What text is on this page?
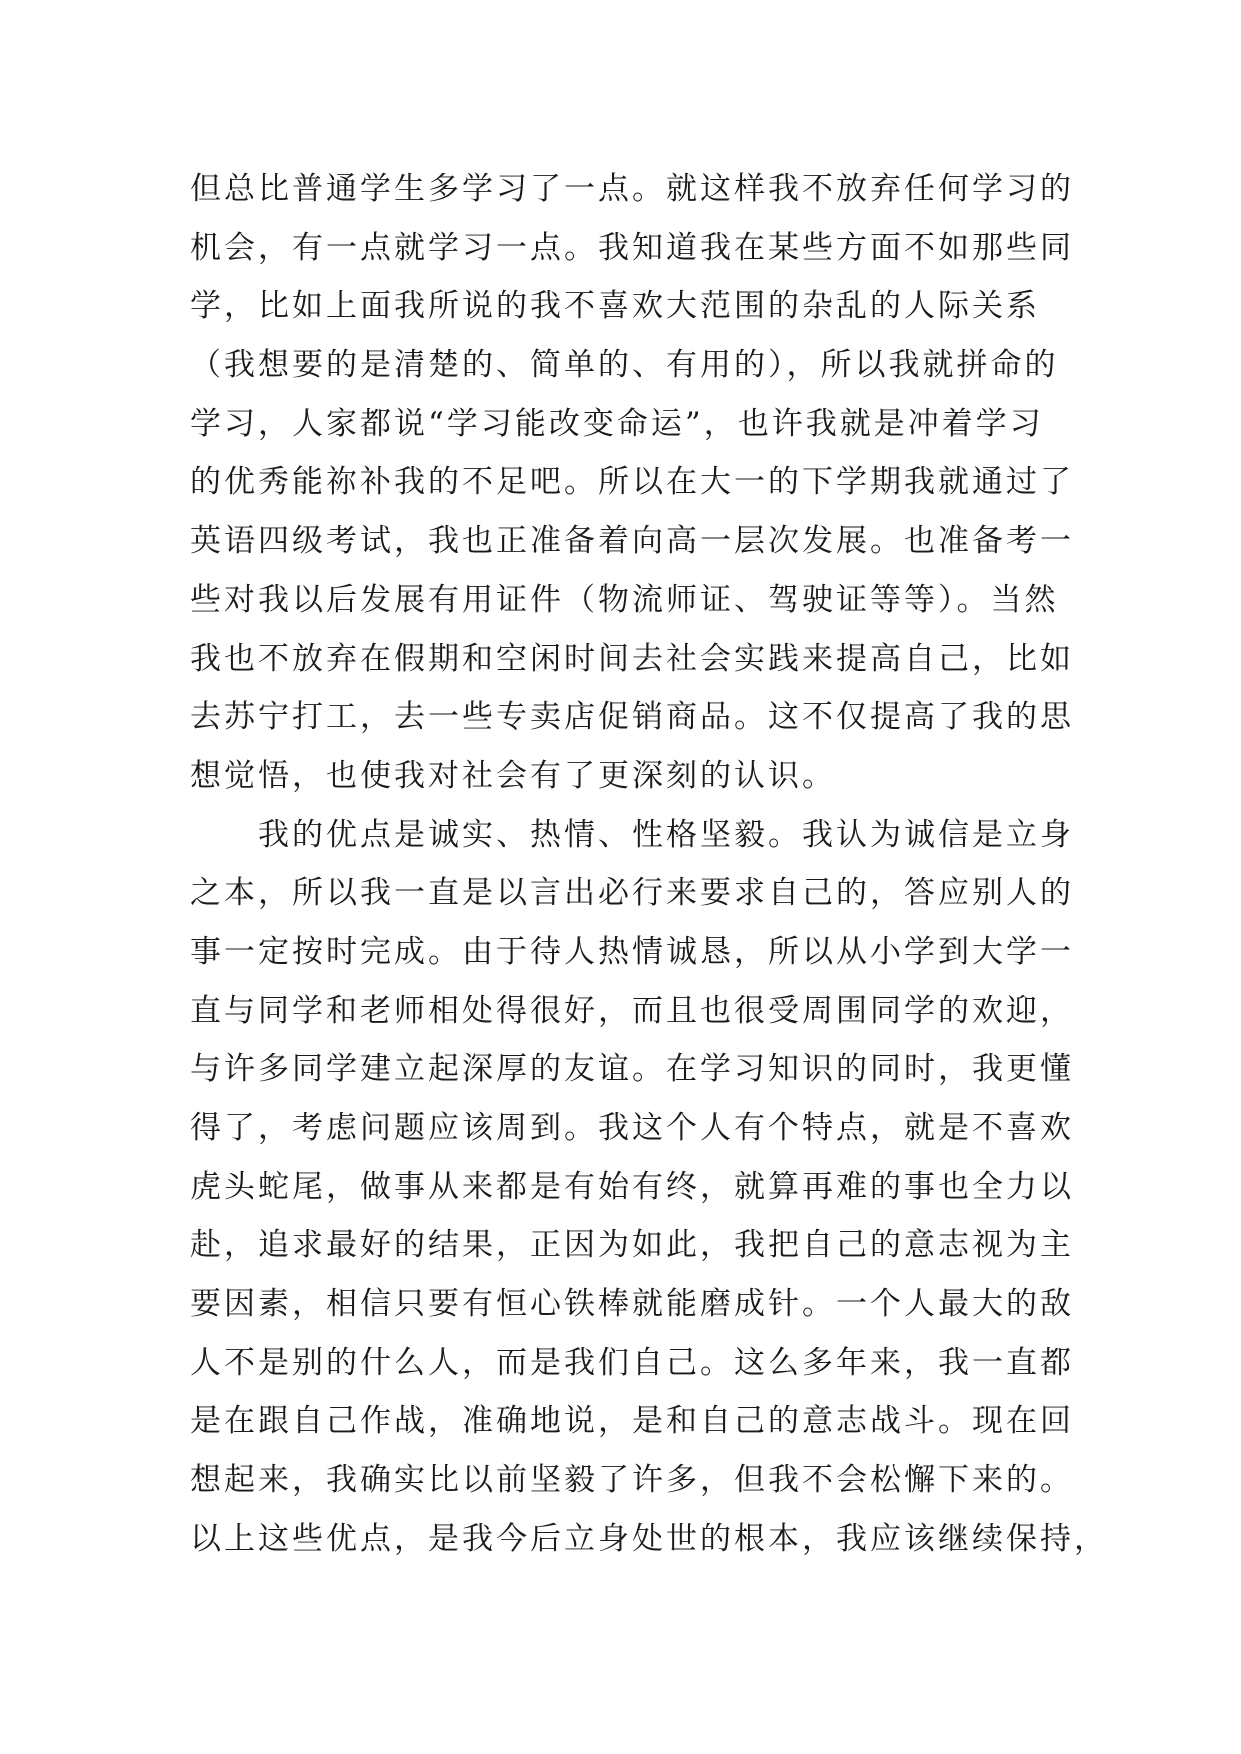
但总比普通学生多学习了一点。就这样我不放弃任何学习的

机会，有一点就学习一点。我知道我在某些方面不如那些同

学，比如上面我所说的我不喜欢大范围的杂乱的人际关系

（我想要的是清楚的、简单的、有用的），所以我就拼命的

学习，人家都说“学习能改变命运”，也许我就是冲着学习

的优秀能祢补我的不足吧。所以在大一的下学期我就通过了

英语四级考试，我也正准备着向高一层次发展。也准备考一

些对我以后发展有用证件（物流师证、驾驶证等等）。当然

我也不放弃在假期和空闲时间去社会实践来提高自己，比如

去苏宁打工，去一些专卖店促销商品。这不仅提高了我的思

想觉悟，也使我对社会有了更深刻的认识。

我的优点是诚实、热情、性格坚毅。我认为诚信是立身

之本，所以我一直是以言出必行来要求自己的，答应别人的

事一定按时完成。由于待人热情诚恳，所以从小学到大学一

直与同学和老师相处得很好，而且也很受周围同学的欢迎，

与许多同学建立起深厚的友谊。在学习知识的同时，我更懂

得了，考虑问题应该周到。我这个人有个特点，就是不喜欢

虎头蛇尾，做事从来都是有始有终，就算再难的事也全力以

赴，追求最好的结果，正因为如此，我把自己的意志视为主

要因素，相信只要有恒心铁棒就能磨成针。一个人最大的敌

人不是别的什么人，而是我们自己。这么多年来，我一直都

是在跟自己作战，准确地说，是和自己的意志战斗。现在回

想起来，我确实比以前坚毅了许多，但我不会松懈下来的。

以上这些优点，是我今后立身处世的根本，我应该继续保持，
